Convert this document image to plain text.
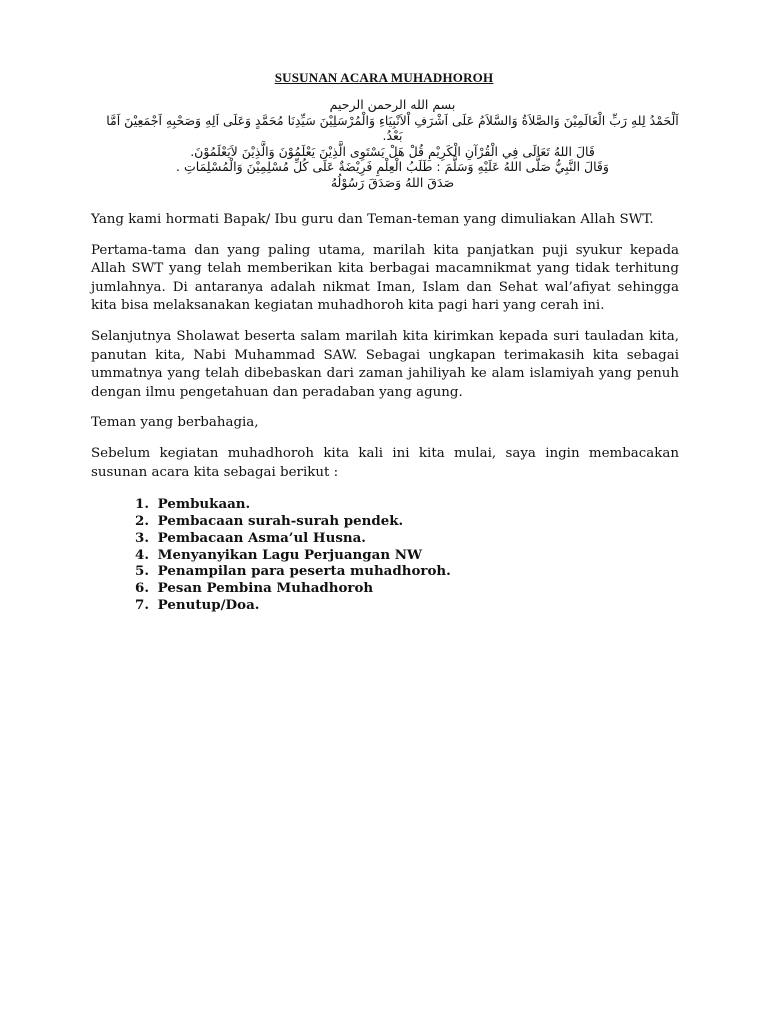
SUSUNAN ACARA MUHADHOROH
بسم الله الرحمن الرحيم
اَلْحَمْدُ لِلهِ رَبِّ الْعَالَمِيْنَ وَالصَّلاَةُ وَالسَّلاَمُ عَلَى اَشْرَفِ اْلاَنْبِيَاءِ وَالْمُرْسَلِيْنَ سَيِّدِنَا مُحَمَّدٍ وَعَلَى اَلِهِ وَصَحْبِهِ اَجْمَعِيْنَ اَمَّا بَعْدُ.
قَالَ اللهُ تَعَالَى فِي الْقُرْآنِ الْكَرِيْمِ قُلْ هَلْ يَسْتَوِى الَّذِيْنَ يَعْلَمُوْنَ وَالَّذِيْنَ لاَيَعْلَمُوْنَ.
وَقَالَ النَّبِيُّ صَلَّى اللهُ عَلَيْهِ وَسَلَّمَ : طَلَبُ الْعِلْمِ فَرِيْضَةٌ عَلَى كُلِّ مُسْلِمِيْنَ وَالْمُسْلِمَاتِ .
صَدَقَ اللهُ وَصَدَقَ رَسُوْلُهُ

Yang kami hormati Bapak/ Ibu guru dan Teman-teman yang dimuliakan Allah SWT.

Pertama-tama dan yang paling utama, marilah kita panjatkan puji syukur kepada Allah SWT yang telah memberikan kita berbagai macamnikmat yang tidak terhitung jumlahnya. Di antaranya adalah nikmat Iman, Islam dan Sehat wal’afiyat sehingga kita bisa melaksanakan kegiatan muhadhoroh kita pagi hari yang cerah ini.

Selanjutnya Sholawat beserta salam marilah kita kirimkan kepada suri tauladan kita, panutan kita, Nabi Muhammad SAW. Sebagai ungkapan terimakasih kita sebagai ummatnya yang telah dibebaskan dari zaman jahiliyah ke alam islamiyah yang penuh dengan ilmu pengetahuan dan peradaban yang agung.

Teman yang berbahagia,

Sebelum kegiatan muhadhoroh kita kali ini kita mulai, saya ingin membacakan susunan acara kita sebagai berikut :

1. Pembukaan.
2. Pembacaan surah-surah pendek.
3. Pembacaan Asma’ul Husna.
4. Menyanyikan Lagu Perjuangan NW
5. Penampilan para peserta muhadhoroh.
6. Pesan Pembina Muhadhoroh
7. Penutup/Doa.
